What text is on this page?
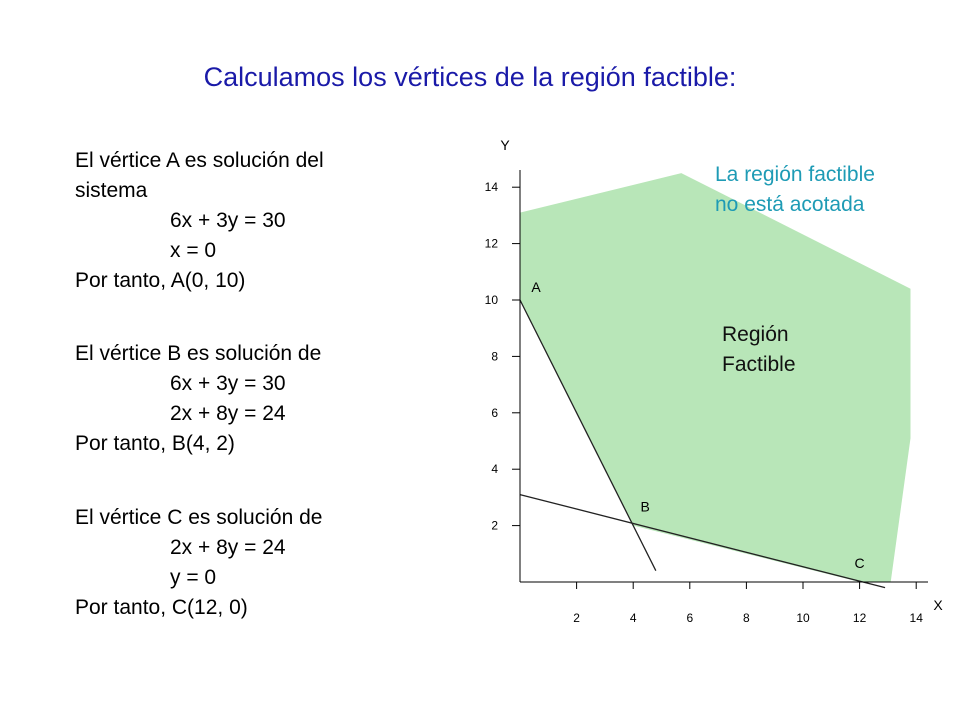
Calculamos los vértices de la región factible:
El vértice A es solución del
sistema
6x + 3y = 30
x = 0
Por tanto, A(0, 10)
El vértice B es solución de
6x + 3y = 30
2x + 8y = 24
Por tanto, B(4, 2)
El vértice C es solución de
2x + 8y = 24
y = 0
Por tanto, C(12, 0)	2	4	6	8	10	12	14
2
4
6
8
10
12
14
Y
X
A
B
C
La región factible
no está acotada
Región
Factible
